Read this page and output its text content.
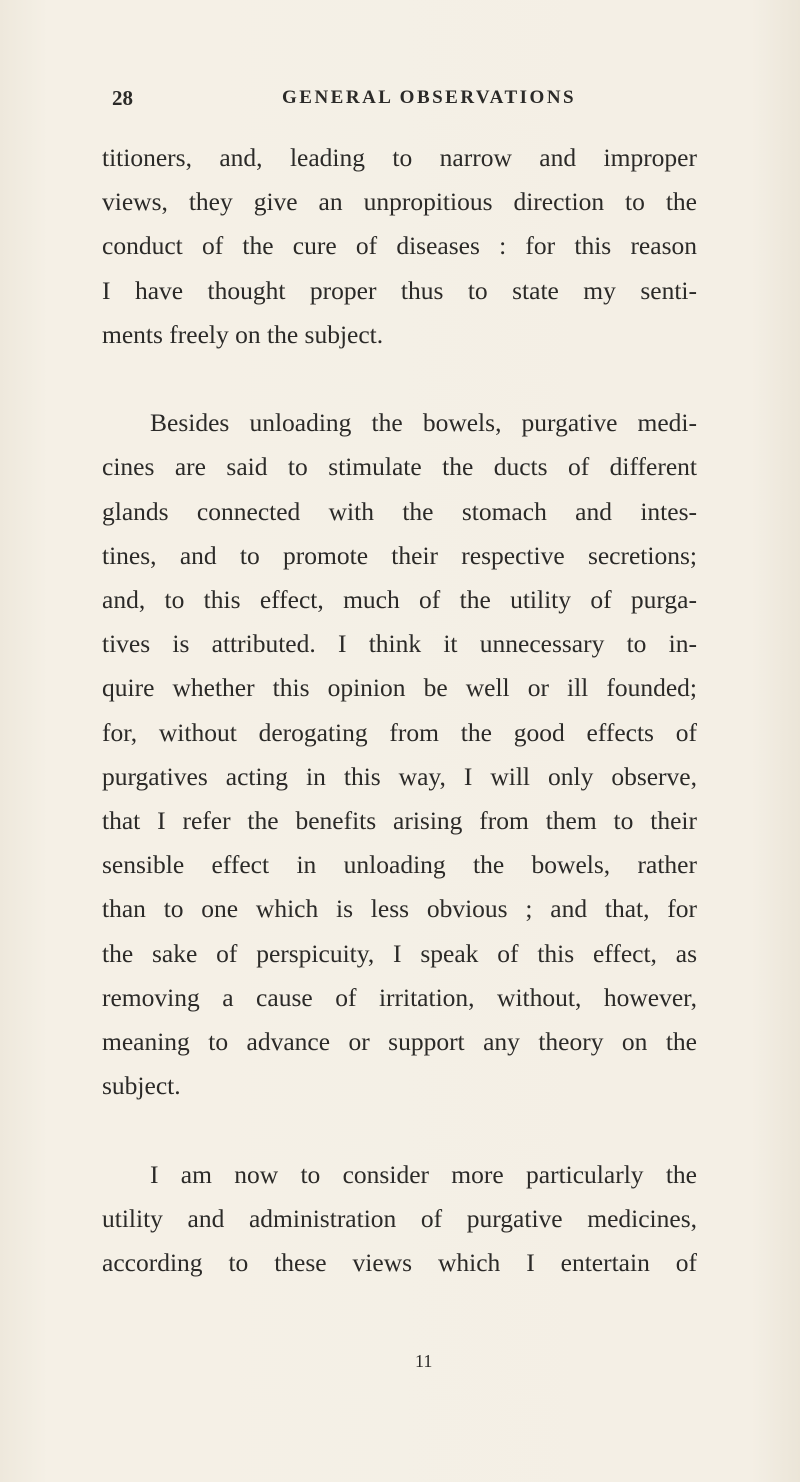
28	GENERAL OBSERVATIONS
titioners, and, leading to narrow and improper
views, they give an unpropitious direction to the
conduct of the cure of diseases : for this reason
I have thought proper thus to state my senti-
ments freely on the subject.
Besides unloading the bowels, purgative medi-
cines are said to stimulate the ducts of different
glands connected with the stomach and intes-
tines, and to promote their respective secretions;
and, to this effect, much of the utility of purga-
tives is attributed. I think it unnecessary to in-
quire whether this opinion be well or ill founded;
for, without derogating from the good effects of
purgatives acting in this way, I will only observe,
that I refer the benefits arising from them to their
sensible effect in unloading the bowels, rather
than to one which is less obvious ; and that, for
the sake of perspicuity, I speak of this effect, as
removing a cause of irritation, without, however,
meaning to advance or support any theory on the
subject.
I am now to consider more particularly the
utility and administration of purgative medicines,
according to these views which I entertain of
11
